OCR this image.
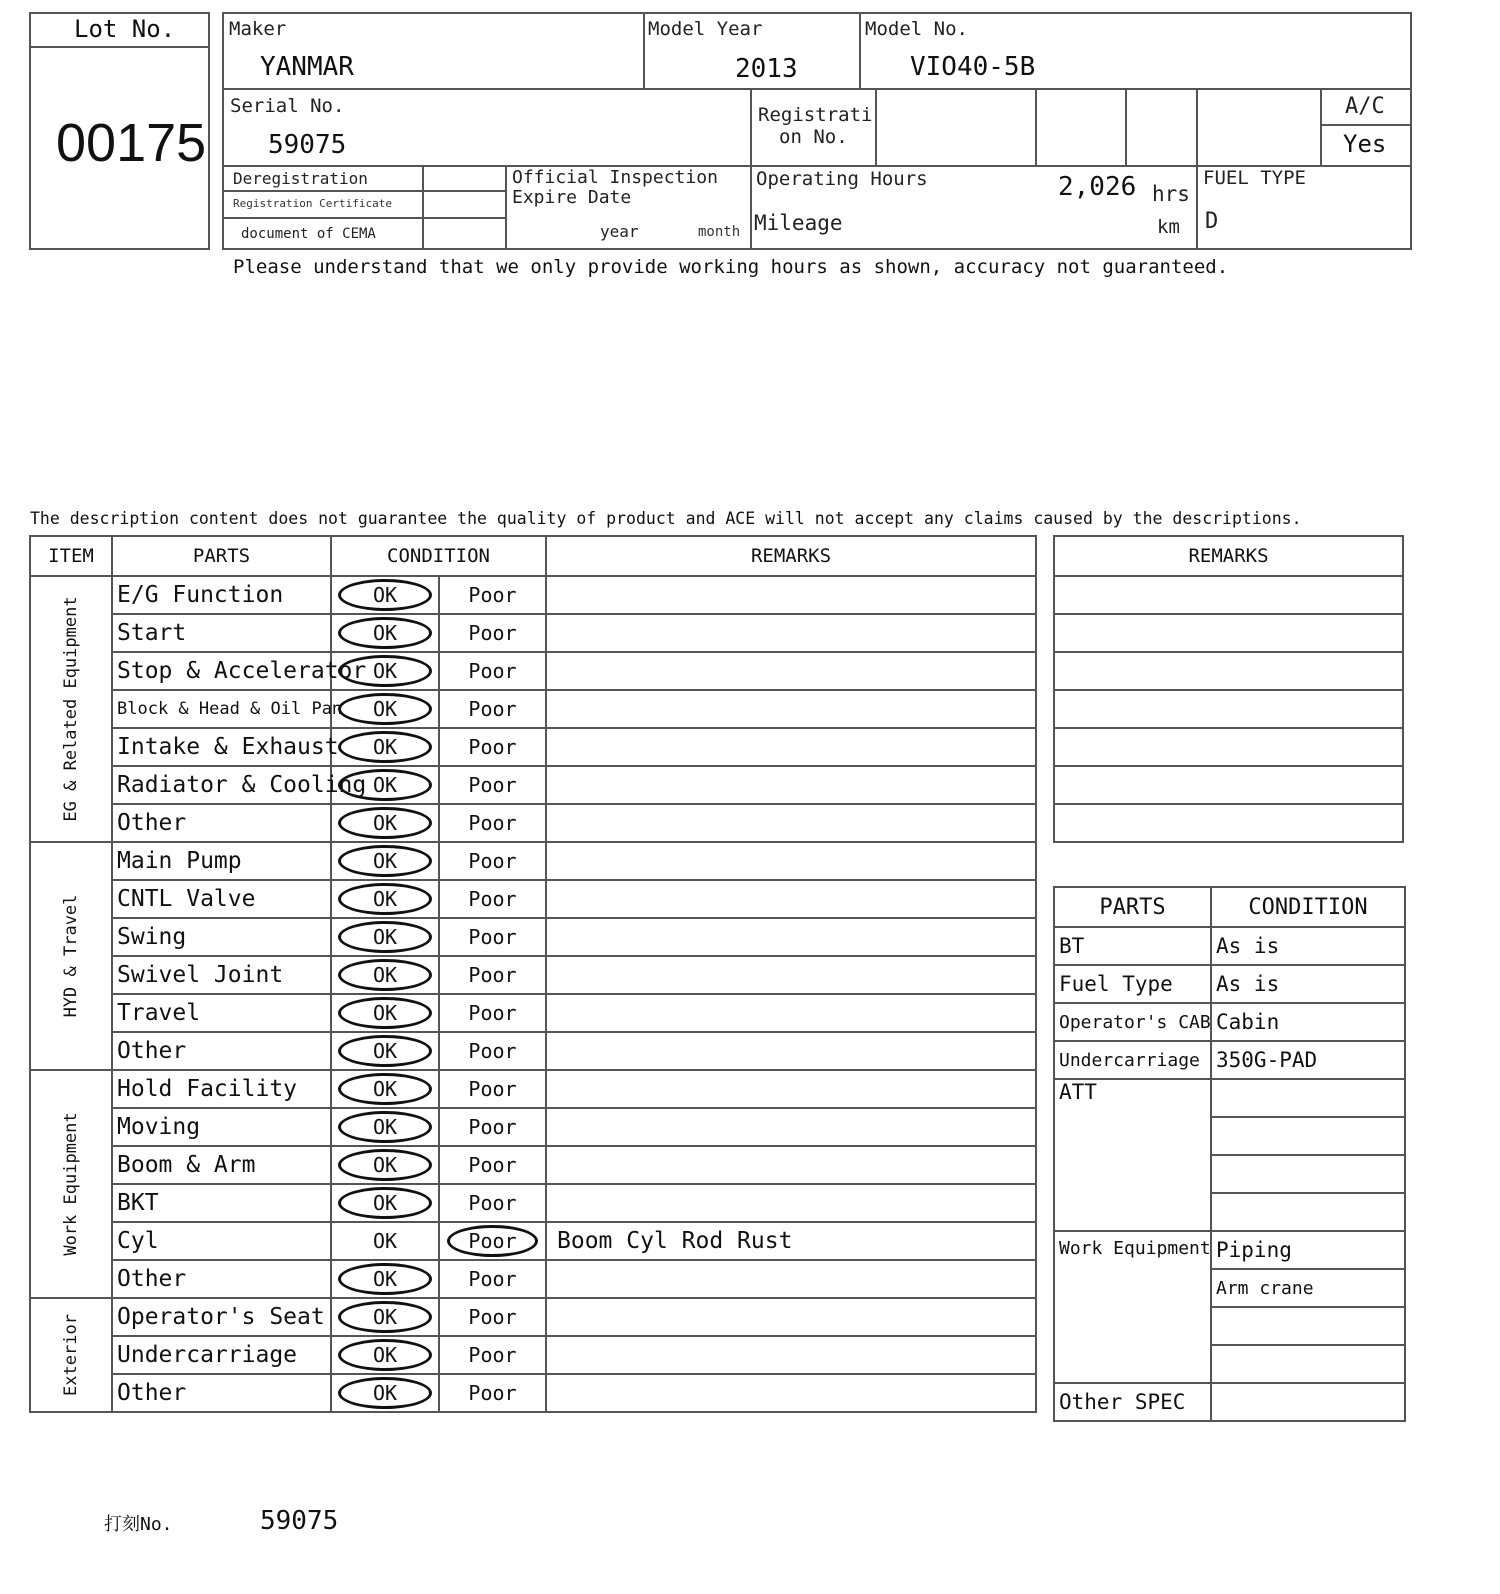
Lot No.
00175
Maker
YANMAR
Model Year
2013
Model No.
VIO40-5B
Serial No.
59075
Registrati
on No.
A/C
Yes
Deregistration
Registration Certificate
document of CEMA
Official Inspection
Expire Date
year	month
Operating Hours	2,026 hrs
Mileage	km
FUEL TYPE
D
Please understand that we only provide working hours as shown, accuracy not guaranteed.
The description content does not guarantee the quality of product and ACE will not accept any claims caused by the descriptions.
ITEM	PARTS	CONDITION		REMARKS

EG & Related Equipment	E/G Function	OK	Poor	
	Start	OK	Poor	
	Stop & Accelerator	OK	Poor	
	Block & Head & Oil Pan	OK	Poor	
	Intake & Exhaust	OK	Poor	
	Radiator & Cooling	OK	Poor	
	Other	OK	Poor	

HYD & Travel	Main Pump	OK	Poor	
	CNTL Valve	OK	Poor	
	Swing	OK	Poor	
	Swivel Joint	OK	Poor	
	Travel	OK	Poor	
	Other	OK	Poor	

Work Equipment	Hold Facility	OK	Poor	
	Moving	OK	Poor	
	Boom & Arm	OK	Poor	
	BKT	OK	Poor	
	Cyl	OK	Poor	Boom Cyl Rod Rust
	Other	OK	Poor	

Exterior	Operator's Seat	OK	Poor	
	Undercarriage	OK	Poor	
	Other	OK	Poor	
REMARKS

PARTS	CONDITION
BT	As is
Fuel Type	As is
Operator's CAB	Cabin
Undercarriage	350G-PAD
ATT	

Work Equipment	Piping
	Arm crane

Other SPEC	
打刻No.	59075
